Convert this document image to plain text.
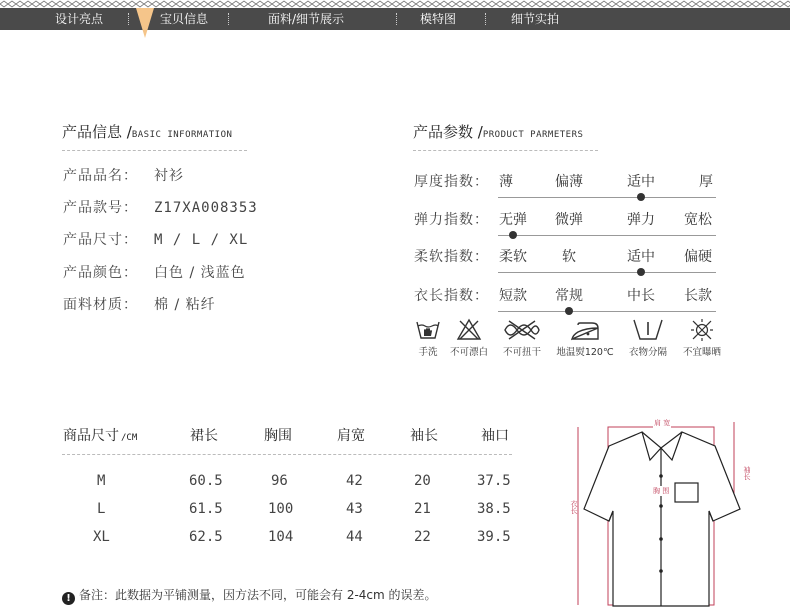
设计亮点	宝贝信息	面料/细节展示	模特图	细节实拍
产品信息 /BASIC INFORMATION
产品品名： 衬衫
产品款号： Z17XA008353
产品尺寸： M / L / XL
产品颜色： 白色 / 浅蓝色
面料材质： 棉 / 粘纤
产品参数 /PRODUCT PARMETERS
厚度指数： 薄	偏薄	适中	厚
弹力指数： 无弹 微弹	弹力 宽松
柔软指数： 柔软	软	适中 偏硬
衣长指数： 短款 常规	中长 长款
手洗	不可漂白	不可扭干	地温熨120℃	衣物分隔	不宜曝晒
商品尺寸 /CM	裙长	胸围	肩宽	袖长	袖口
M	60.5	96	42	20	37.5
L	61.5	100	43	21	38.5
XL	62.5	104	44	22	39.5
! 备注：此数据为平铺测量，因方法不同，可能会有 2-4cm 的误差。
肩 宽
胸 围
袖长
衣长
